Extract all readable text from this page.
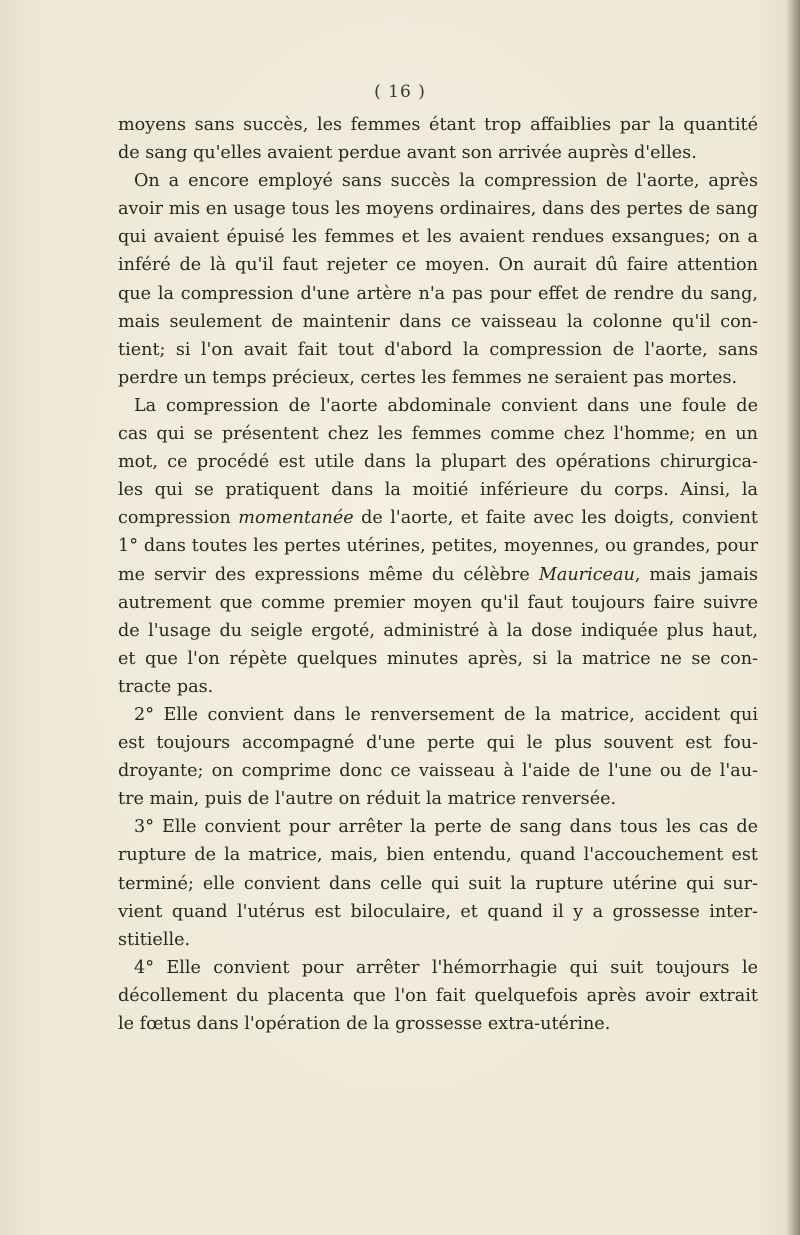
( 16 )

moyens sans succès, les femmes étant trop affaiblies par la quantité
de sang qu'elles avaient perdue avant son arrivée auprès d'elles.

On a encore employé sans succès la compression de l'aorte, après
avoir mis en usage tous les moyens ordinaires, dans des pertes de sang
qui avaient épuisé les femmes et les avaient rendues exsangues; on a
inféré de là qu'il faut rejeter ce moyen. On aurait dû faire attention
que la compression d'une artère n'a pas pour effet de rendre du sang,
mais seulement de maintenir dans ce vaisseau la colonne qu'il con-
tient; si l'on avait fait tout d'abord la compression de l'aorte, sans
perdre un temps précieux, certes les femmes ne seraient pas mortes.

La compression de l'aorte abdominale convient dans une foule de
cas qui se présentent chez les femmes comme chez l'homme; en un
mot, ce procédé est utile dans la plupart des opérations chirurgica-
les qui se pratiquent dans la moitié inférieure du corps. Ainsi, la
compression momentanée de l'aorte, et faite avec les doigts, convient
1° dans toutes les pertes utérines, petites, moyennes, ou grandes, pour
me servir des expressions même du célèbre Mauriceau, mais jamais
autrement que comme premier moyen qu'il faut toujours faire suivre
de l'usage du seigle ergoté, administré à la dose indiquée plus haut,
et que l'on répète quelques minutes après, si la matrice ne se con-
tracte pas.

2° Elle convient dans le renversement de la matrice, accident qui
est toujours accompagné d'une perte qui le plus souvent est fou-
droyante; on comprime donc ce vaisseau à l'aide de l'une ou de l'au-
tre main, puis de l'autre on réduit la matrice renversée.

3° Elle convient pour arrêter la perte de sang dans tous les cas de
rupture de la matrice, mais, bien entendu, quand l'accouchement est
terminé; elle convient dans celle qui suit la rupture utérine qui sur-
vient quand l'utérus est biloculaire, et quand il y a grossesse inter-
stitielle.

4° Elle convient pour arrêter l'hémorrhagie qui suit toujours le
décollement du placenta que l'on fait quelquefois après avoir extrait
le fœtus dans l'opération de la grossesse extra-utérine.
